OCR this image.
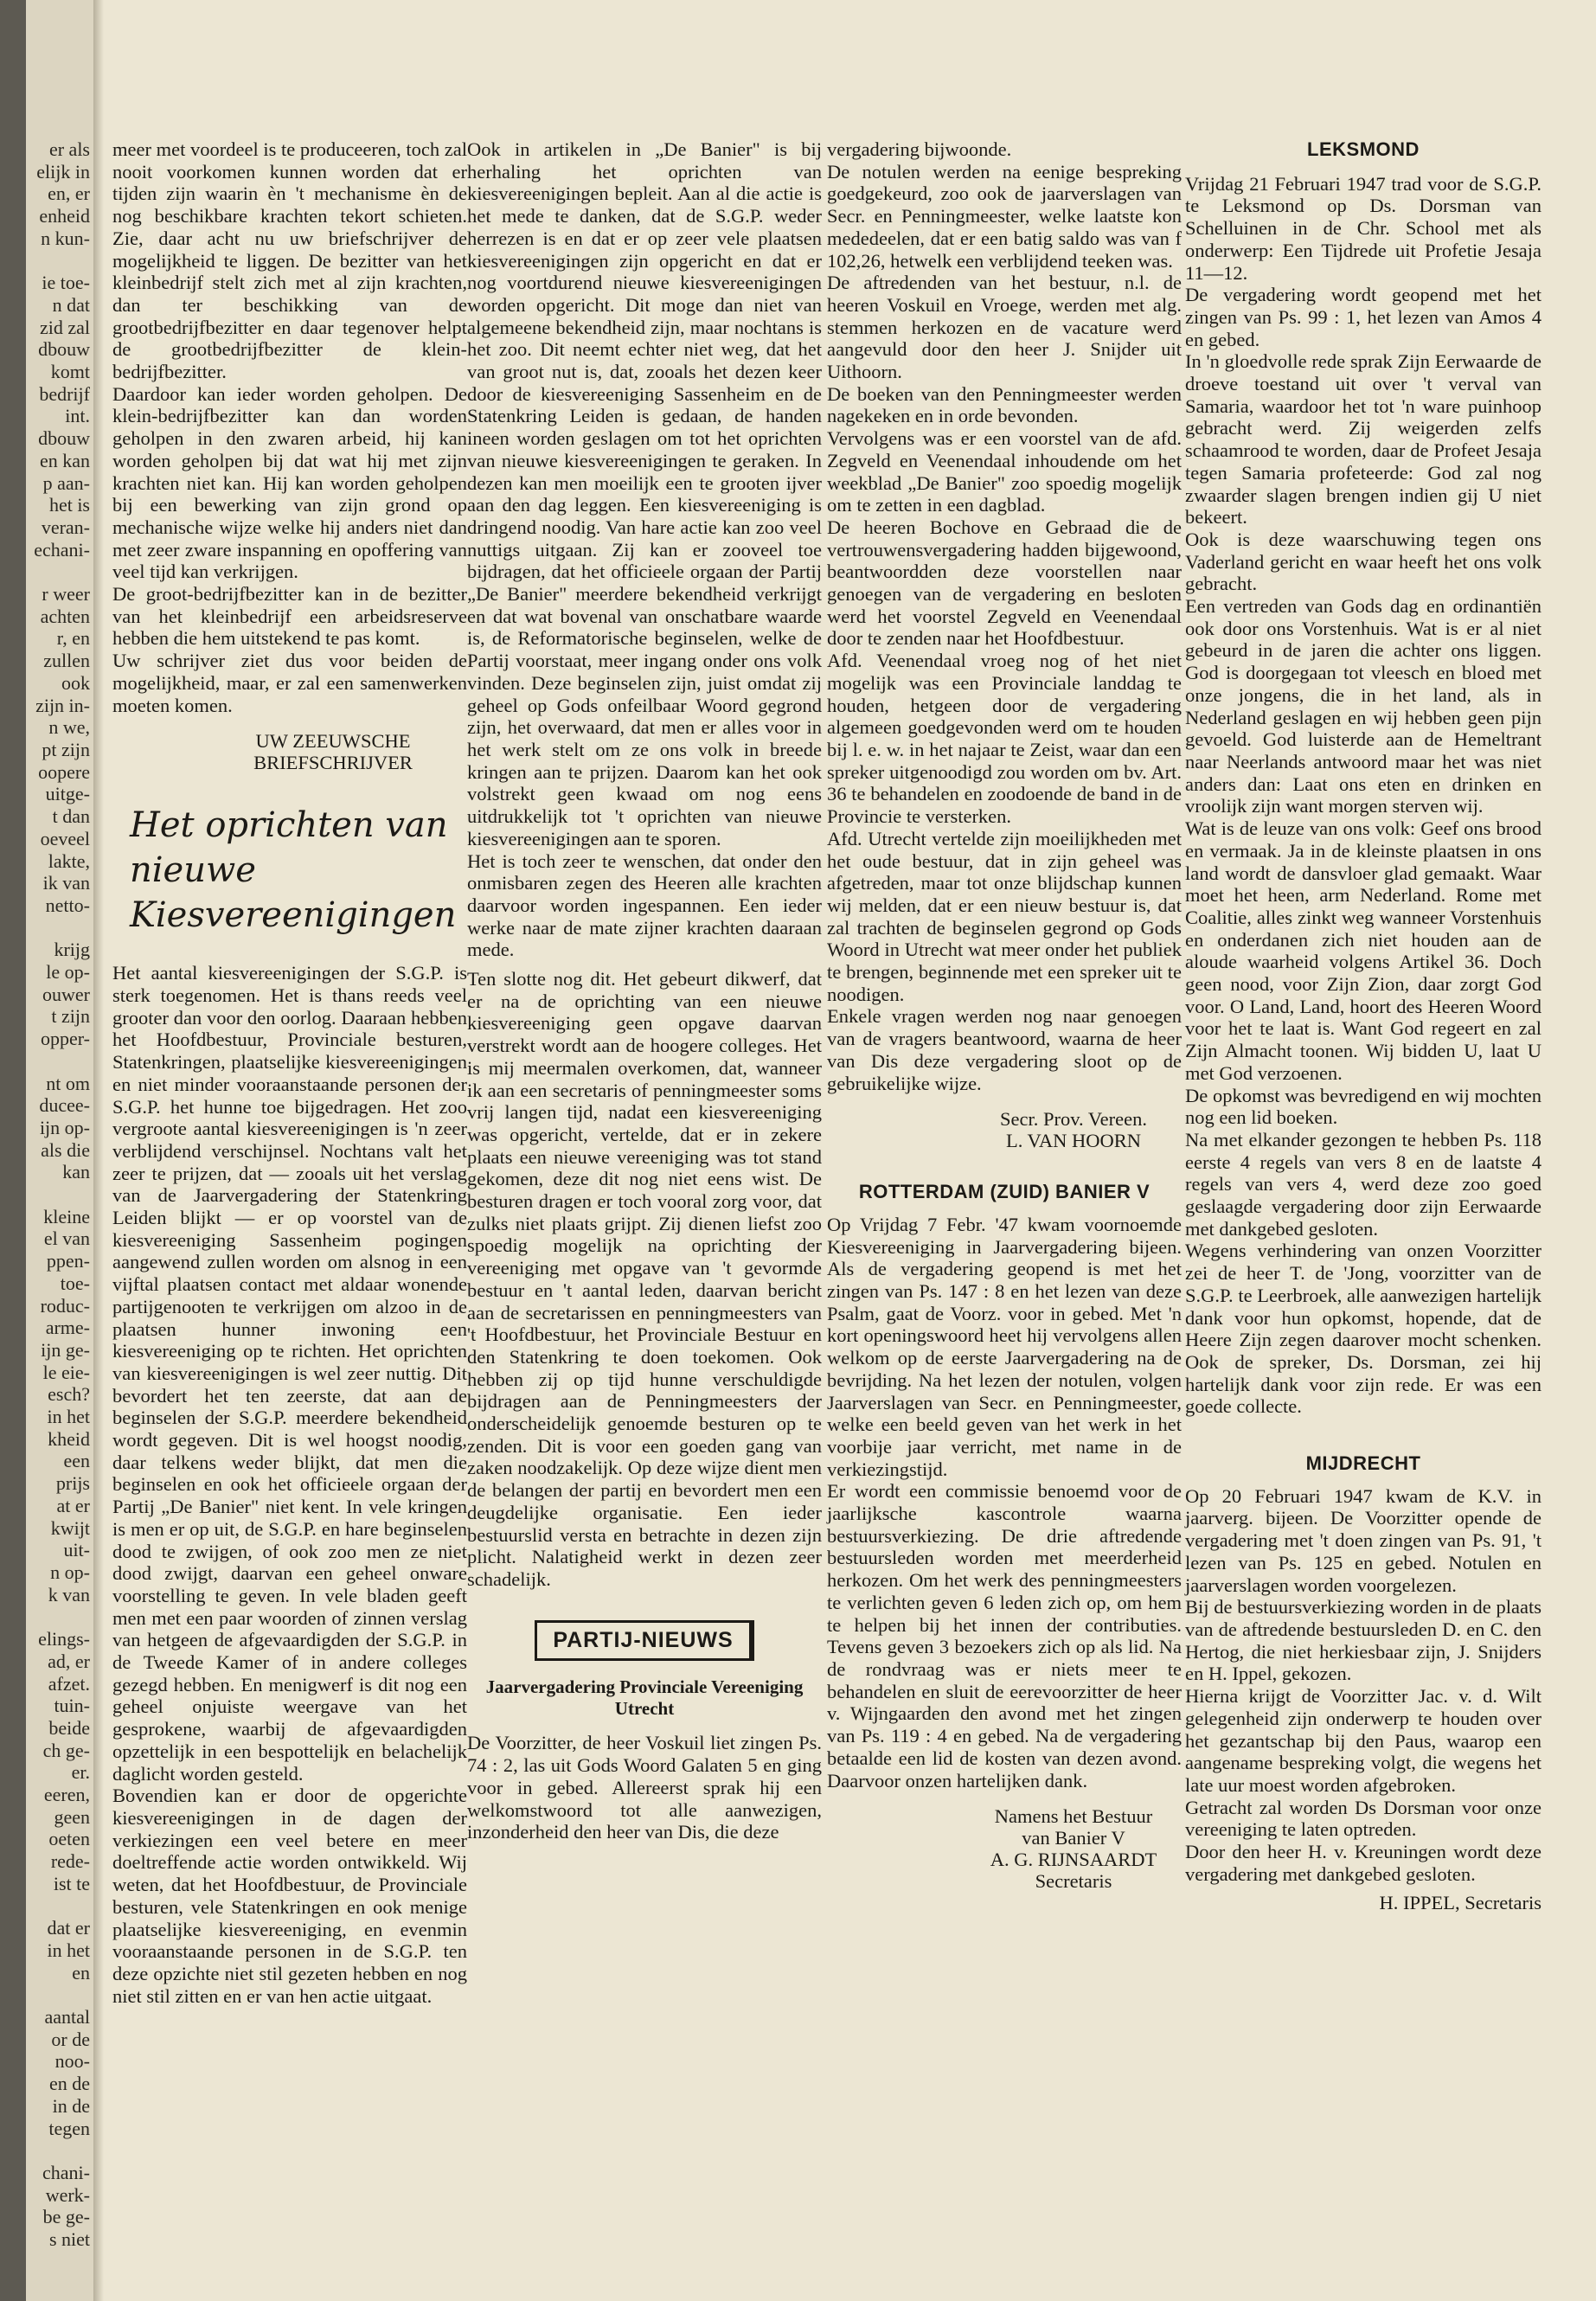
er als
elijk in
en, er
enheid
n kun-

ie toe-
n dat
zid zal
dbouw
komt
bedrijf
int.
dbouw
en kan
p aan-
het is
veran-
echani-

r weer
achten
r, en
zullen
ook
zijn in-
n we,
pt zijn
oopere
uitge-
t dan
oeveel
lakte,
ik van
netto-

krijg
le op-
ouwer
t zijn
opper-

nt om
ducee-
ijn op-
als die
kan

kleine
el van
ppen-
toe-
roduc-
arme-
ijn ge-
le eie-
esch?
in het
kheid
een
prijs
at er
kwijt
uit-
n op-
k van

elings-
ad, er
afzet.
tuin-
beide
ch ge-
er.
eeren,
geen
oeten
rede-
ist te

dat er
in het
en

aantal
or de
noo-
en de
in de
tegen

chani-
werk-
be ge-
s niet

meer met voordeel is te produceeren, toch zal nooit voorkomen kunnen worden dat er tijden zijn waarin èn 't mechanisme èn de nog beschikbare krachten tekort schieten. Zie, daar acht nu uw briefschrijver de mogelijkheid te liggen. De bezitter van het kleinbedrijf stelt zich met al zijn krachten, dan ter beschikking van de grootbedrijfbezitter en daar tegenover helpt de grootbedrijfbezitter de klein-bedrijfbezitter.

Daardoor kan ieder worden geholpen. De klein-bedrijfbezitter kan dan worden geholpen in den zwaren arbeid, hij kan worden geholpen bij dat wat hij met zijn krachten niet kan. Hij kan worden geholpen bij een bewerking van zijn grond op mechanische wijze welke hij anders niet dan met zeer zware inspanning en opoffering van veel tijd kan verkrijgen.

De groot-bedrijfbezitter kan in de bezitter van het kleinbedrijf een arbeidsreserve hebben die hem uitstekend te pas komt.

Uw schrijver ziet dus voor beiden de mogelijkheid, maar, er zal een samenwerken moeten komen.

UW ZEEUWSCHE
BRIEFSCHRIJVER
Het oprichten van
nieuwe Kiesvereenigingen

Het aantal kiesvereenigingen der S.G.P. is sterk toegenomen. Het is thans reeds veel grooter dan voor den oorlog. Daaraan hebben het Hoofdbestuur, Provinciale besturen, Statenkringen, plaatselijke kiesvereenigingen en niet minder vooraanstaande personen der S.G.P. het hunne toe bijgedragen. Het zoo vergroote aantal kiesvereenigingen is 'n zeer verblijdend verschijnsel. Nochtans valt het zeer te prijzen, dat — zooals uit het verslag van de Jaarvergadering der Statenkring Leiden blijkt — er op voorstel van de kiesvereeniging Sassenheim pogingen aangewend zullen worden om alsnog in een vijftal plaatsen contact met aldaar wonende partijgenooten te verkrijgen om alzoo in de plaatsen hunner inwoning een kiesvereeniging op te richten. Het oprichten van kiesvereenigingen is wel zeer nuttig. Dit bevordert het ten zeerste, dat aan de beginselen der S.G.P. meerdere bekendheid wordt gegeven. Dit is wel hoogst noodig, daar telkens weder blijkt, dat men die beginselen en ook het officieele orgaan der Partij „De Banier" niet kent. In vele kringen is men er op uit, de S.G.P. en hare beginselen dood te zwijgen, of ook zoo men ze niet dood zwijgt, daarvan een geheel onware voorstelling te geven. In vele bladen geeft men met een paar woorden of zinnen verslag van hetgeen de afgevaardigden der S.G.P. in de Tweede Kamer of in andere colleges gezegd hebben. En menigwerf is dit nog een geheel onjuiste weergave van het gesprokene, waarbij de afgevaardigden opzettelijk in een bespottelijk en belachelijk daglicht worden gesteld.

Bovendien kan er door de opgerichte kiesvereenigingen in de dagen der verkiezingen een veel betere en meer doeltreffende actie worden ontwikkeld. Wij weten, dat het Hoofdbestuur, de Provinciale besturen, vele Statenkringen en ook menige plaatselijke kiesvereeniging, en evenmin vooraanstaande personen in de S.G.P. ten deze opzichte niet stil gezeten hebben en nog niet stil zitten en er van hen actie uitgaat.

Ook in artikelen in „De Banier" is bij herhaling het oprichten van kiesvereenigingen bepleit. Aan al die actie is het mede te danken, dat de S.G.P. weder herrezen is en dat er op zeer vele plaatsen kiesvereenigingen zijn opgericht en dat er nog voortdurend nieuwe kiesvereenigingen worden opgericht. Dit moge dan niet van algemeene bekendheid zijn, maar nochtans is het zoo. Dit neemt echter niet weg, dat het van groot nut is, dat, zooals het dezen keer door de kiesvereeniging Sassenheim en de Statenkring Leiden is gedaan, de handen ineen worden geslagen om tot het oprichten van nieuwe kiesvereenigingen te geraken. In dezen kan men moeilijk een te grooten ijver aan den dag leggen. Een kiesvereeniging is dringend noodig. Van hare actie kan zoo veel nuttigs uitgaan. Zij kan er zooveel toe bijdragen, dat het officieele orgaan der Partij „De Banier" meerdere bekendheid verkrijgt en dat wat bovenal van onschatbare waarde is, de Reformatorische beginselen, welke de Partij voorstaat, meer ingang onder ons volk vinden. Deze beginselen zijn, juist omdat zij geheel op Gods onfeilbaar Woord gegrond zijn, het overwaard, dat men er alles voor in het werk stelt om ze ons volk in breede kringen aan te prijzen. Daarom kan het ook volstrekt geen kwaad om nog eens uitdrukkelijk tot 't oprichten van nieuwe kiesvereenigingen aan te sporen.

Het is toch zeer te wenschen, dat onder den onmisbaren zegen des Heeren alle krachten daarvoor worden ingespannen. Een ieder werke naar de mate zijner krachten daaraan mede.

Ten slotte nog dit. Het gebeurt dikwerf, dat er na de oprichting van een nieuwe kiesvereeniging geen opgave daarvan verstrekt wordt aan de hoogere colleges. Het is mij meermalen overkomen, dat, wanneer ik aan een secretaris of penningmeester soms vrij langen tijd, nadat een kiesvereeniging was opgericht, vertelde, dat er in zekere plaats een nieuwe vereeniging was tot stand gekomen, deze dit nog niet eens wist. De besturen dragen er toch vooral zorg voor, dat zulks niet plaats grijpt. Zij dienen liefst zoo spoedig mogelijk na oprichting der vereeniging met opgave van 't gevormde bestuur en 't aantal leden, daarvan bericht aan de secretarissen en penningmeesters van 't Hoofdbestuur, het Provinciale Bestuur en den Statenkring te doen toekomen. Ook hebben zij op tijd hunne verschuldigde bijdragen aan de Penningmeesters der onderscheidelijk genoemde besturen op te zenden. Dit is voor een goeden gang van zaken noodzakelijk. Op deze wijze dient men de belangen der partij en bevordert men een deugdelijke organisatie. Een ieder bestuurslid versta en betrachte in dezen zijn plicht. Nalatigheid werkt in dezen zeer schadelijk.

PARTIJ-NIEUWS
Jaarvergadering Provinciale Vereeniging Utrecht

De Voorzitter, de heer Voskuil liet zingen Ps. 74 : 2, las uit Gods Woord Galaten 5 en ging voor in gebed. Allereerst sprak hij een welkomstwoord tot alle aanwezigen, inzonderheid den heer van Dis, die deze

vergadering bijwoonde.

De notulen werden na eenige bespreking goedgekeurd, zoo ook de jaarverslagen van Secr. en Penningmeester, welke laatste kon mededeelen, dat er een batig saldo was van f 102,26, hetwelk een verblijdend teeken was.

De aftredenden van het bestuur, n.l. de heeren Voskuil en Vroege, werden met alg. stemmen herkozen en de vacature werd aangevuld door den heer J. Snijder uit Uithoorn.

De boeken van den Penningmeester werden nagekeken en in orde bevonden.

Vervolgens was er een voorstel van de afd. Zegveld en Veenendaal inhoudende om het weekblad „De Banier" zoo spoedig mogelijk om te zetten in een dagblad.

De heeren Bochove en Gebraad die de vertrouwensvergadering hadden bijgewoond, beantwoordden deze voorstellen naar genoegen van de vergadering en besloten werd het voorstel Zegveld en Veenendaal door te zenden naar het Hoofdbestuur.

Afd. Veenendaal vroeg nog of het niet mogelijk was een Provinciale landdag te houden, hetgeen door de vergadering algemeen goedgevonden werd om te houden bij l. e. w. in het najaar te Zeist, waar dan een spreker uitgenoodigd zou worden om bv. Art. 36 te behandelen en zoodoende de band in de Provincie te versterken.

Afd. Utrecht vertelde zijn moeilijkheden met het oude bestuur, dat in zijn geheel was afgetreden, maar tot onze blijdschap kunnen wij melden, dat er een nieuw bestuur is, dat zal trachten de beginselen gegrond op Gods Woord in Utrecht wat meer onder het publiek te brengen, beginnende met een spreker uit te noodigen.

Enkele vragen werden nog naar genoegen van de vragers beantwoord, waarna de heer van Dis deze vergadering sloot op de gebruikelijke wijze.

Secr. Prov. Vereen.
L. VAN HOORN
ROTTERDAM (ZUID) BANIER V

Op Vrijdag 7 Febr. '47 kwam voornoemde Kiesvereeniging in Jaarvergadering bijeen. Als de vergadering geopend is met het zingen van Ps. 147 : 8 en het lezen van deze Psalm, gaat de Voorz. voor in gebed. Met 'n kort openingswoord heet hij vervolgens allen welkom op de eerste Jaarvergadering na de bevrijding. Na het lezen der notulen, volgen Jaarverslagen van Secr. en Penningmeester, welke een beeld geven van het werk in het voorbije jaar verricht, met name in de verkiezingstijd.

Er wordt een commissie benoemd voor de jaarlijksche kascontrole waarna bestuursverkiezing. De drie aftredende bestuursleden worden met meerderheid herkozen. Om het werk des penningmeesters te verlichten geven 6 leden zich op, om hem te helpen bij het innen der contributies. Tevens geven 3 bezoekers zich op als lid. Na de rondvraag was er niets meer te behandelen en sluit de eerevoorzitter de heer v. Wijngaarden den avond met het zingen van Ps. 119 : 4 en gebed. Na de vergadering betaalde een lid de kosten van dezen avond. Daarvoor onzen hartelijken dank.

Namens het Bestuur
van Banier V
A. G. RIJNSAARDT
Secretaris
LEKSMOND

Vrijdag 21 Februari 1947 trad voor de S.G.P. te Leksmond op Ds. Dorsman van Schelluinen in de Chr. School met als onderwerp: Een Tijdrede uit Profetie Jesaja 11—12.

De vergadering wordt geopend met het zingen van Ps. 99 : 1, het lezen van Amos 4 en gebed.

In 'n gloedvolle rede sprak Zijn Eerwaarde de droeve toestand uit over 't verval van Samaria, waardoor het tot 'n ware puinhoop gebracht werd. Zij weigerden zelfs schaamrood te worden, daar de Profeet Jesaja tegen Samaria profeteerde: God zal nog zwaarder slagen brengen indien gij U niet bekeert.

Ook is deze waarschuwing tegen ons Vaderland gericht en waar heeft het ons volk gebracht.

Een vertreden van Gods dag en ordinantiën ook door ons Vorstenhuis. Wat is er al niet gebeurd in de jaren die achter ons liggen. God is doorgegaan tot vleesch en bloed met onze jongens, die in het land, als in Nederland geslagen en wij hebben geen pijn gevoeld. God luisterde aan de Hemeltrant naar Neerlands antwoord maar het was niet anders dan: Laat ons eten en drinken en vroolijk zijn want morgen sterven wij.

Wat is de leuze van ons volk: Geef ons brood en vermaak. Ja in de kleinste plaatsen in ons land wordt de dansvloer glad gemaakt. Waar moet het heen, arm Nederland. Rome met Coalitie, alles zinkt weg wanneer Vorstenhuis en onderdanen zich niet houden aan de aloude waarheid volgens Artikel 36. Doch geen nood, voor Zijn Zion, daar zorgt God voor. O Land, Land, hoort des Heeren Woord voor het te laat is. Want God regeert en zal Zijn Almacht toonen. Wij bidden U, laat U met God verzoenen.

De opkomst was bevredigend en wij mochten nog een lid boeken.

Na met elkander gezongen te hebben Ps. 118 eerste 4 regels van vers 8 en de laatste 4 regels van vers 4, werd deze zoo goed geslaagde vergadering door zijn Eerwaarde met dankgebed gesloten.

Wegens verhindering van onzen Voorzitter zei de heer T. de 'Jong, voorzitter van de S.G.P. te Leerbroek, alle aanwezigen hartelijk dank voor hun opkomst, hopende, dat de Heere Zijn zegen daarover mocht schenken. Ook de spreker, Ds. Dorsman, zei hij hartelijk dank voor zijn rede. Er was een goede collecte.

MIJDRECHT

Op 20 Februari 1947 kwam de K.V. in jaarverg. bijeen. De Voorzitter opende de vergadering met 't doen zingen van Ps. 91, 't lezen van Ps. 125 en gebed. Notulen en jaarverslagen worden voorgelezen.

Bij de bestuursverkiezing worden in de plaats van de aftredende bestuursleden D. en C. den Hertog, die niet herkiesbaar zijn, J. Snijders en H. Ippel, gekozen.

Hierna krijgt de Voorzitter Jac. v. d. Wilt gelegenheid zijn onderwerp te houden over het gezantschap bij den Paus, waarop een aangename bespreking volgt, die wegens het late uur moest worden afgebroken.

Getracht zal worden Ds Dorsman voor onze vereeniging te laten optreden.

Door den heer H. v. Kreuningen wordt deze vergadering met dankgebed gesloten.

H. IPPEL, Secretaris
